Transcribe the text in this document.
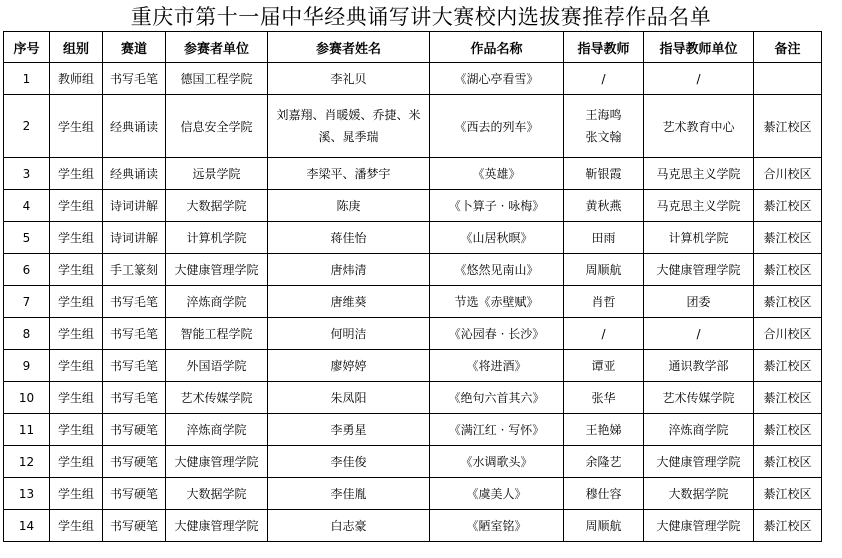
重庆市第十一届中华经典诵写讲大赛校内选拔赛推荐作品名单
序号	组别	赛道	参赛者单位	参赛者姓名	作品名称	指导教师	指导教师单位	备注
1	教师组	书写毛笔	德国工程学院	李礼贝	《湖心亭看雪》	/	/	
2	学生组	经典诵读	信息安全学院	刘嘉翔、肖暖媛、乔捷、米溪、晁季瑞	《西去的列车》	王海鸣
张文翰	艺术教育中心	綦江校区
3	学生组	经典诵读	远景学院	李梁平、潘梦宇	《英雄》	靳银霞	马克思主义学院	合川校区
4	学生组	诗词讲解	大数据学院	陈庚	《卜算子 · 咏梅》	黄秋燕	马克思主义学院	綦江校区
5	学生组	诗词讲解	计算机学院	蒋佳怡	《山居秋暝》	田雨	计算机学院	綦江校区
6	学生组	手工篆刻	大健康管理学院	唐炜清	《悠然见南山》	周顺航	大健康管理学院	綦江校区
7	学生组	书写毛笔	淬炼商学院	唐维葵	节选《赤壁赋》	肖哲	团委	綦江校区
8	学生组	书写毛笔	智能工程学院	何明洁	《沁园春 · 长沙》	/	/	合川校区
9	学生组	书写毛笔	外国语学院	廖婷婷	《将进酒》	谭亚	通识教学部	綦江校区
10	学生组	书写毛笔	艺术传媒学院	朱凤阳	《绝句六首其六》	张华	艺术传媒学院	綦江校区
11	学生组	书写硬笔	淬炼商学院	李勇星	《满江红 · 写怀》	王艳娣	淬炼商学院	綦江校区
12	学生组	书写硬笔	大健康管理学院	李佳俊	《水调歌头》	余隆艺	大健康管理学院	綦江校区
13	学生组	书写硬笔	大数据学院	李佳胤	《虞美人》	穆仕容	大数据学院	綦江校区
14	学生组	书写硬笔	大健康管理学院	白志豪	《陋室铭》	周顺航	大健康管理学院	綦江校区
